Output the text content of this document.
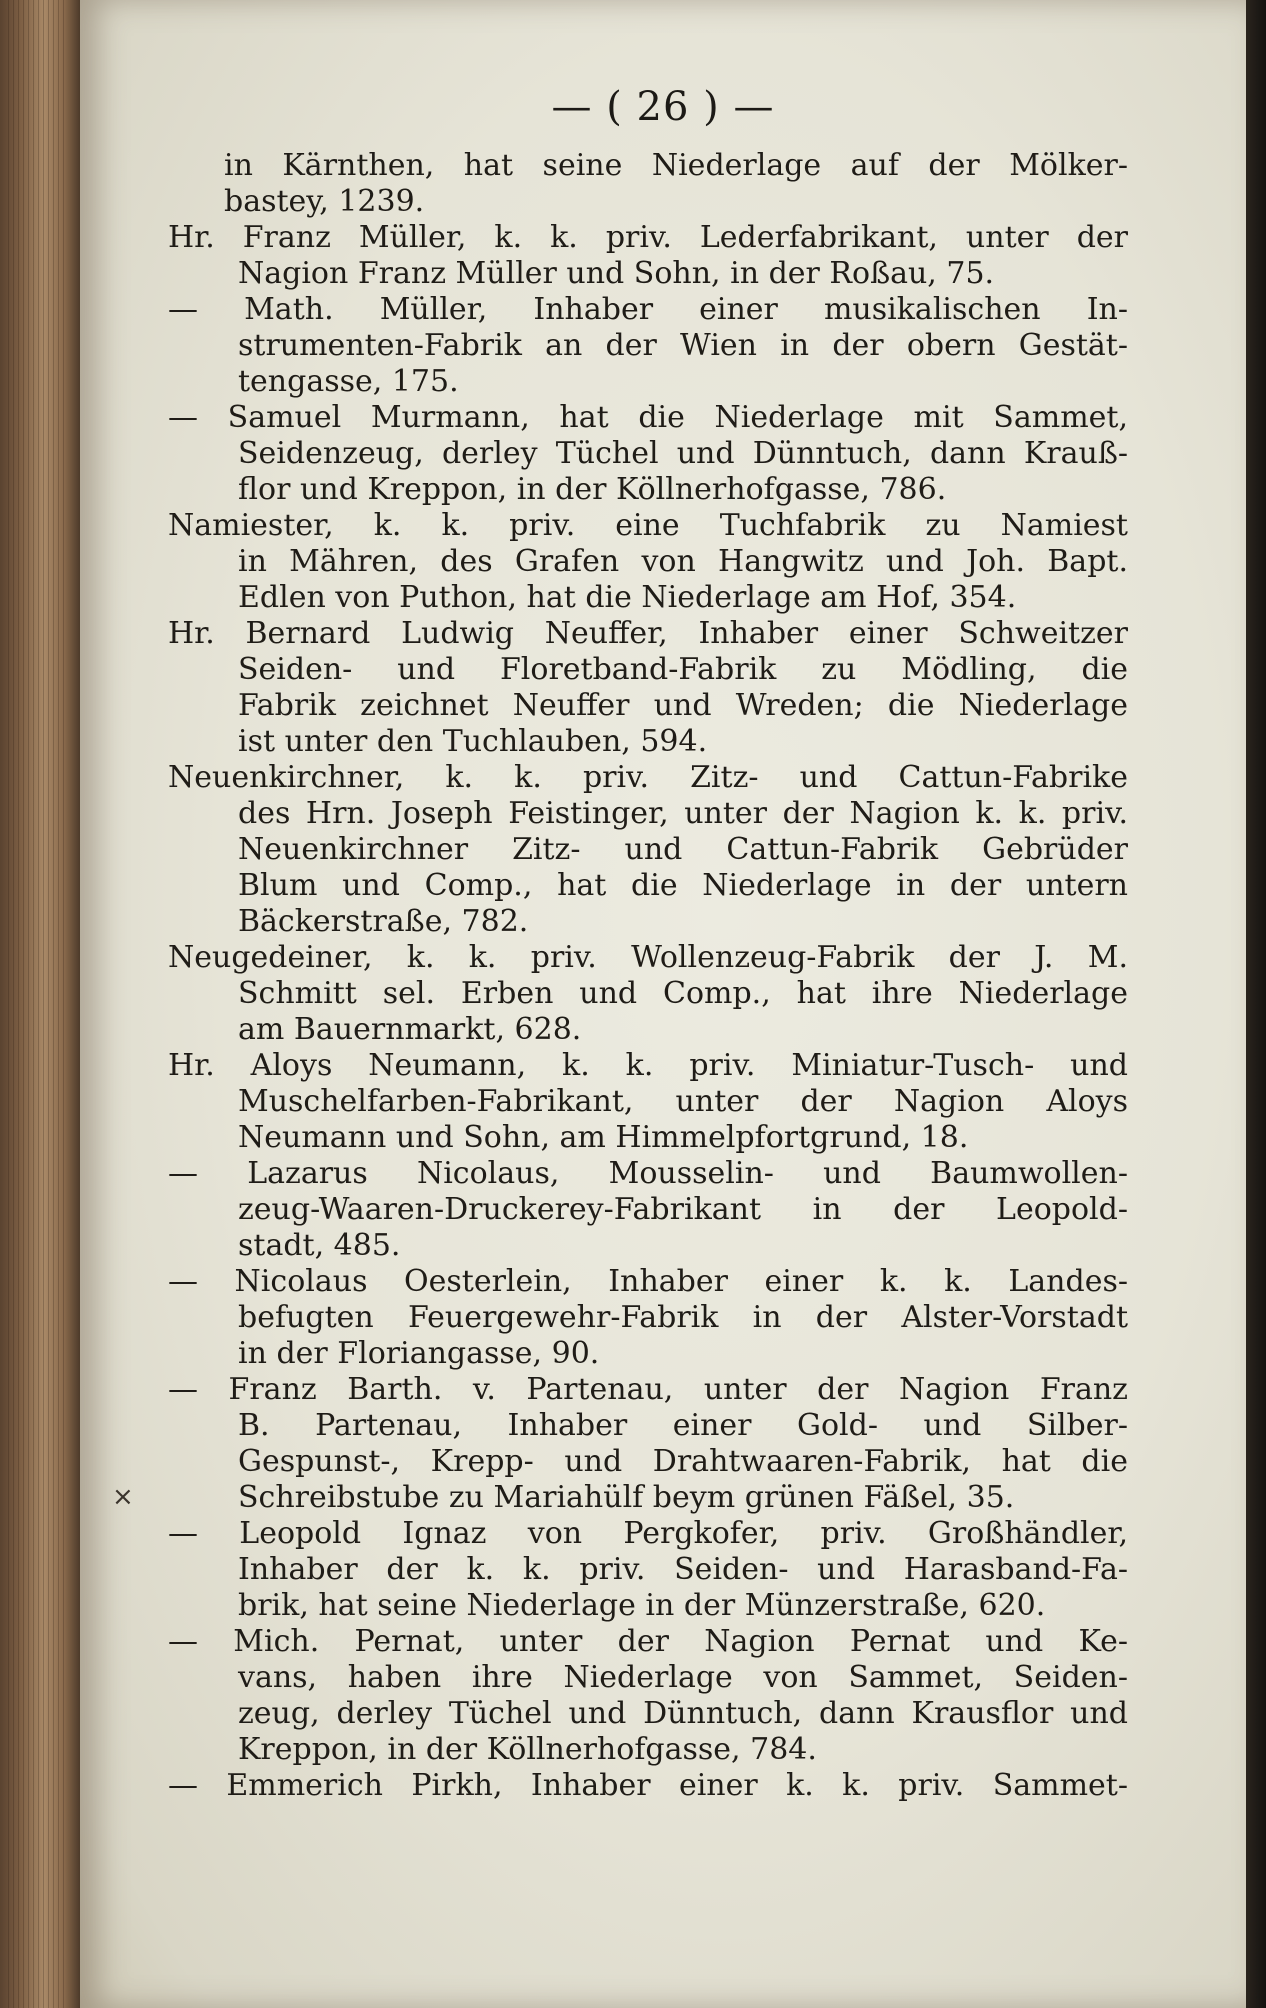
— ( 26 ) —
in Kärnthen, hat seine Niederlage auf der Mölker-
bastey, 1239.
Hr. Franz Müller, k. k. priv. Lederfabrikant, unter der
Nagion Franz Müller und Sohn, in der Roßau, 75.
— Math. Müller, Inhaber einer musikalischen In-
strumenten-Fabrik an der Wien in der obern Gestät-
tengasse, 175.
— Samuel Murmann, hat die Niederlage mit Sammet,
Seidenzeug, derley Tüchel und Dünntuch, dann Krauß-
flor und Kreppon, in der Köllnerhofgasse, 786.
Namiester, k. k. priv. eine Tuchfabrik zu Namiest
in Mähren, des Grafen von Hangwitz und Joh. Bapt.
Edlen von Puthon, hat die Niederlage am Hof, 354.
Hr. Bernard Ludwig Neuffer, Inhaber einer Schweitzer
Seiden- und Floretband-Fabrik zu Mödling, die
Fabrik zeichnet Neuffer und Wreden; die Niederlage
ist unter den Tuchlauben, 594.
Neuenkirchner, k. k. priv. Zitz- und Cattun-Fabrike
des Hrn. Joseph Feistinger, unter der Nagion k. k. priv.
Neuenkirchner Zitz- und Cattun-Fabrik Gebrüder
Blum und Comp., hat die Niederlage in der untern
Bäckerstraße, 782.
Neugedeiner, k. k. priv. Wollenzeug-Fabrik der J. M.
Schmitt sel. Erben und Comp., hat ihre Niederlage
am Bauernmarkt, 628.
Hr. Aloys Neumann, k. k. priv. Miniatur-Tusch- und
Muschelfarben-Fabrikant, unter der Nagion Aloys
Neumann und Sohn, am Himmelpfortgrund, 18.
— Lazarus Nicolaus, Mousselin- und Baumwollen-
zeug-Waaren-Druckerey-Fabrikant in der Leopold-
stadt, 485.
— Nicolaus Oesterlein, Inhaber einer k. k. Landes-
befugten Feuergewehr-Fabrik in der Alster-Vorstadt
in der Floriangasse, 90.
— Franz Barth. v. Partenau, unter der Nagion Franz
B. Partenau, Inhaber einer Gold- und Silber-
Gespunst-, Krepp- und Drahtwaaren-Fabrik, hat die
Schreibstube zu Mariahülf beym grünen Fäßel, 35.
— Leopold Ignaz von Pergkofer, priv. Großhändler,
Inhaber der k. k. priv. Seiden- und Harasband-Fa-
brik, hat seine Niederlage in der Münzerstraße, 620.
— Mich. Pernat, unter der Nagion Pernat und Ke-
vans, haben ihre Niederlage von Sammet, Seiden-
zeug, derley Tüchel und Dünntuch, dann Krausflor und
Kreppon, in der Köllnerhofgasse, 784.
— Emmerich Pirkh, Inhaber einer k. k. priv. Sammet-
×
